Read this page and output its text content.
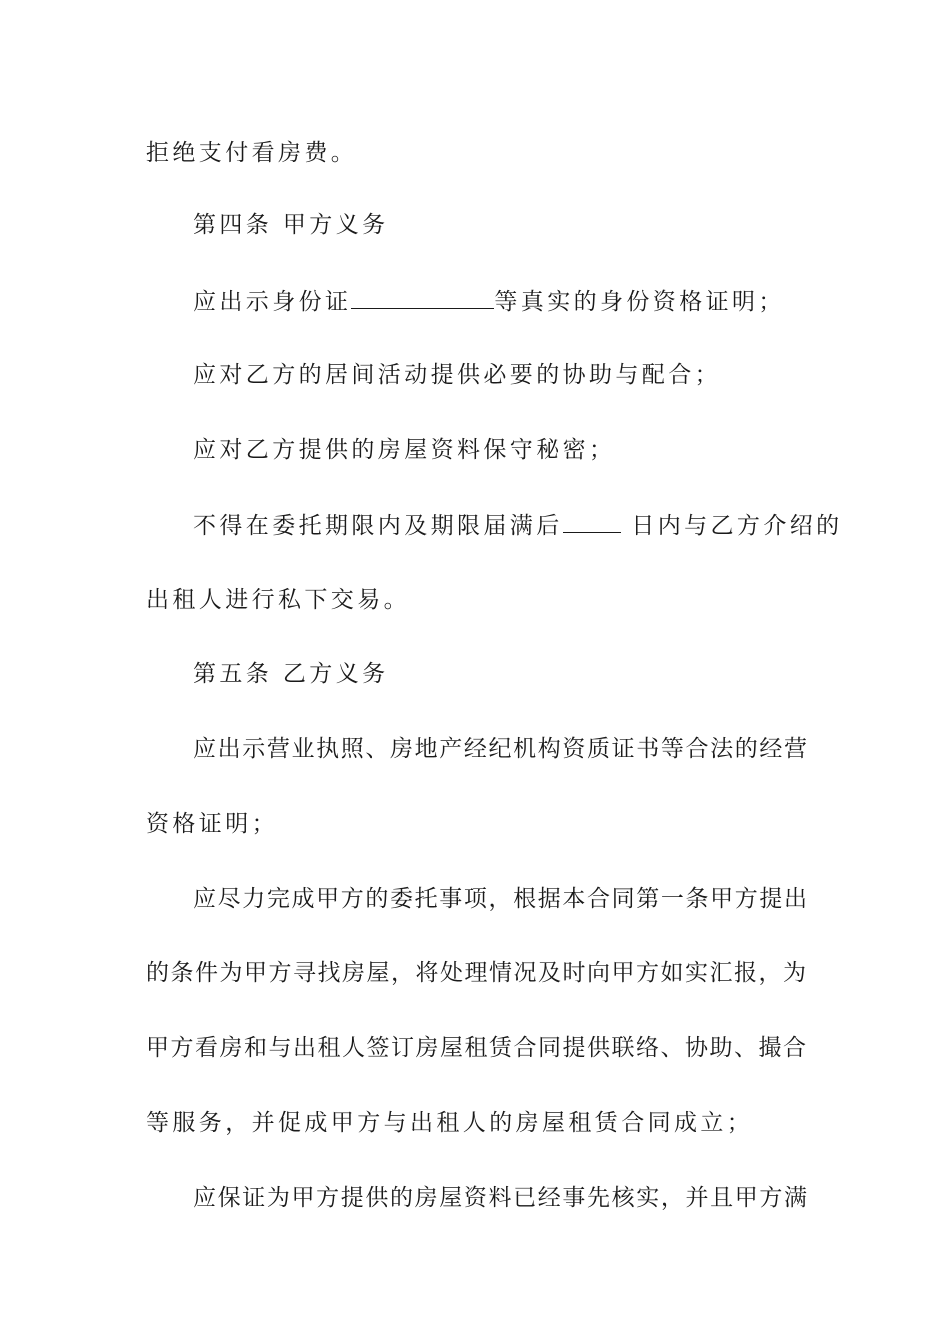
拒绝支付看房费。
第四条 甲方义务
应出示身份证	等真实的身份资格证明；
应对乙方的居间活动提供必要的协助与配合；
应对乙方提供的房屋资料保守秘密；
不得在委托期限内及期限届满后	日内与乙方介绍的
出租人进行私下交易。
第五条 乙方义务
应 出 示 营 业 执 照 、 房 地 产 经 纪 机 构 资 质 证 书 等 合 法 的 经 营
资格证明；
应 尽 力 完 成 甲 方 的 委 托 事 项 ， 根 据 本 合 同 第 一 条 甲 方 提 出
的 条 件 为 甲 方 寻 找 房 屋 ， 将 处 理 情 况 及 时 向 甲 方 如 实 汇 报 ， 为
甲 方 看 房 和 与 出 租 人 签 订 房 屋 租 赁 合 同 提 供 联 络 、 协 助 、 撮 合
等服务，并促成甲方与出租人的房屋租赁合同成立；
应 保 证 为 甲 方 提 供 的 房 屋 资 料 已 经 事 先 核 实 ， 并 且 甲 方 满
